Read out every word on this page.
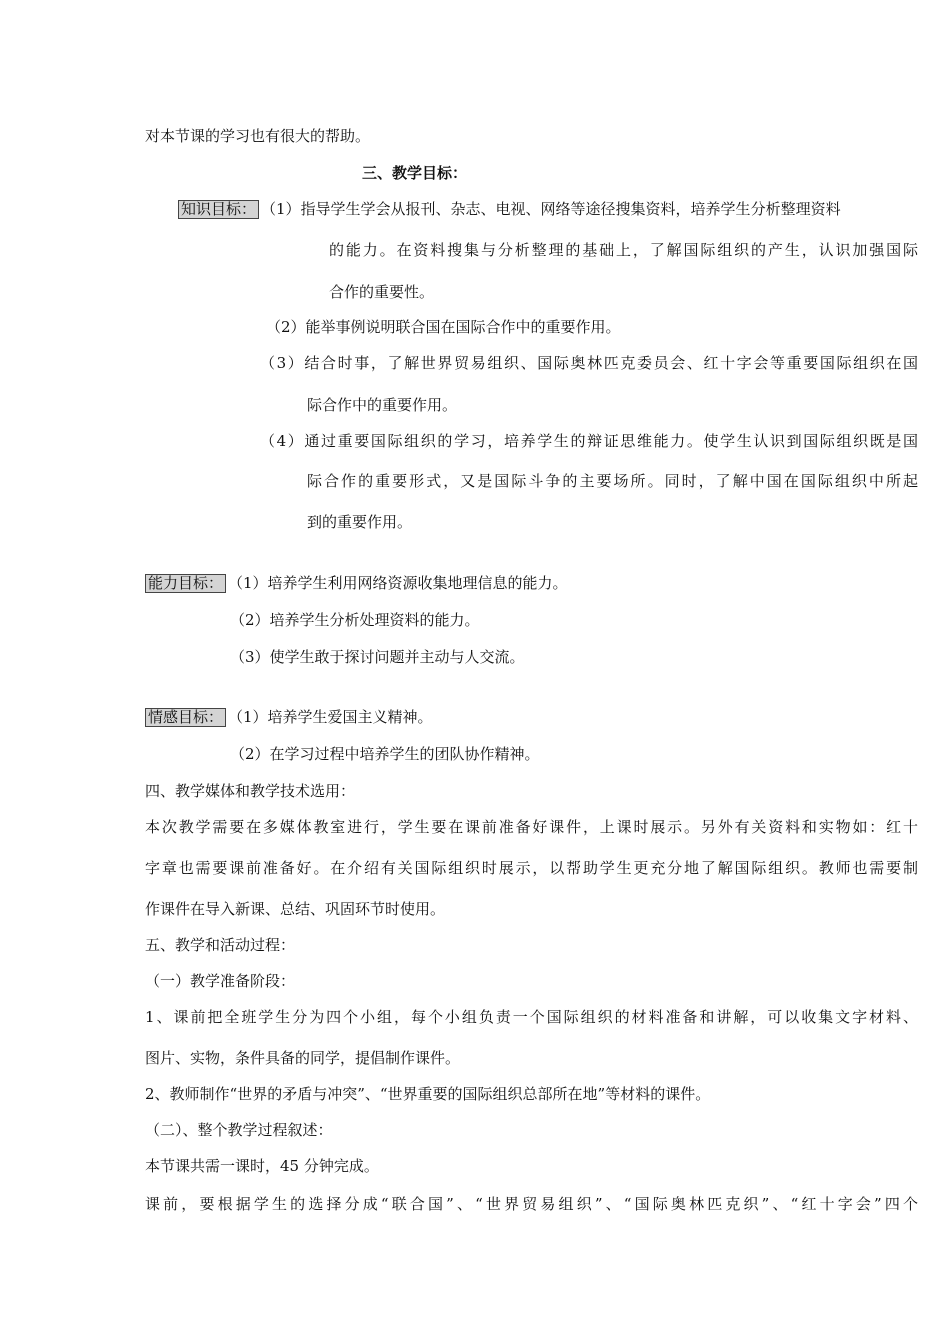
对本节课的学习也有很大的帮助。
三、教学目标：
知识目标： （1）指导学生学会从报刊、杂志、电视、网络等途径搜集资料，培养学生分析整理资料
的能力。在资料搜集与分析整理的基础上，了解国际组织的产生，认识加强国际
合作的重要性。
（2）能举事例说明联合国在国际合作中的重要作用。
（3）结合时事，了解世界贸易组织、国际奥林匹克委员会、红十字会等重要国际组织在国
际合作中的重要作用。
（4）通过重要国际组织的学习，培养学生的辩证思维能力。使学生认识到国际组织既是国
际合作的重要形式，又是国际斗争的主要场所。同时，了解中国在国际组织中所起
到的重要作用。
能力目标： （1）培养学生利用网络资源收集地理信息的能力。
（2）培养学生分析处理资料的能力。
（3）使学生敢于探讨问题并主动与人交流。
情感目标： （1）培养学生爱国主义精神。
（2）在学习过程中培养学生的团队协作精神。
四、教学媒体和教学技术选用：
本次教学需要在多媒体教室进行，学生要在课前准备好课件，上课时展示。另外有关资料和实物如：红十
字章也需要课前准备好。在介绍有关国际组织时展示，以帮助学生更充分地了解国际组织。教师也需要制
作课件在导入新课、总结、巩固环节时使用。
五、教学和活动过程：
（一）教学准备阶段：
1、课前把全班学生分为四个小组，每个小组负责一个国际组织的材料准备和讲解，可以收集文字材料、
图片、实物，条件具备的同学，提倡制作课件。
2、教师制作“世界的矛盾与冲突”、“世界重要的国际组织总部所在地”等材料的课件。
（二）、整个教学过程叙述：
本节课共需一课时，45 分钟完成。
课前，要根据学生的选择分成“联合国”、“世界贸易组织”、“国际奥林匹克织”、“红十字会”四个
